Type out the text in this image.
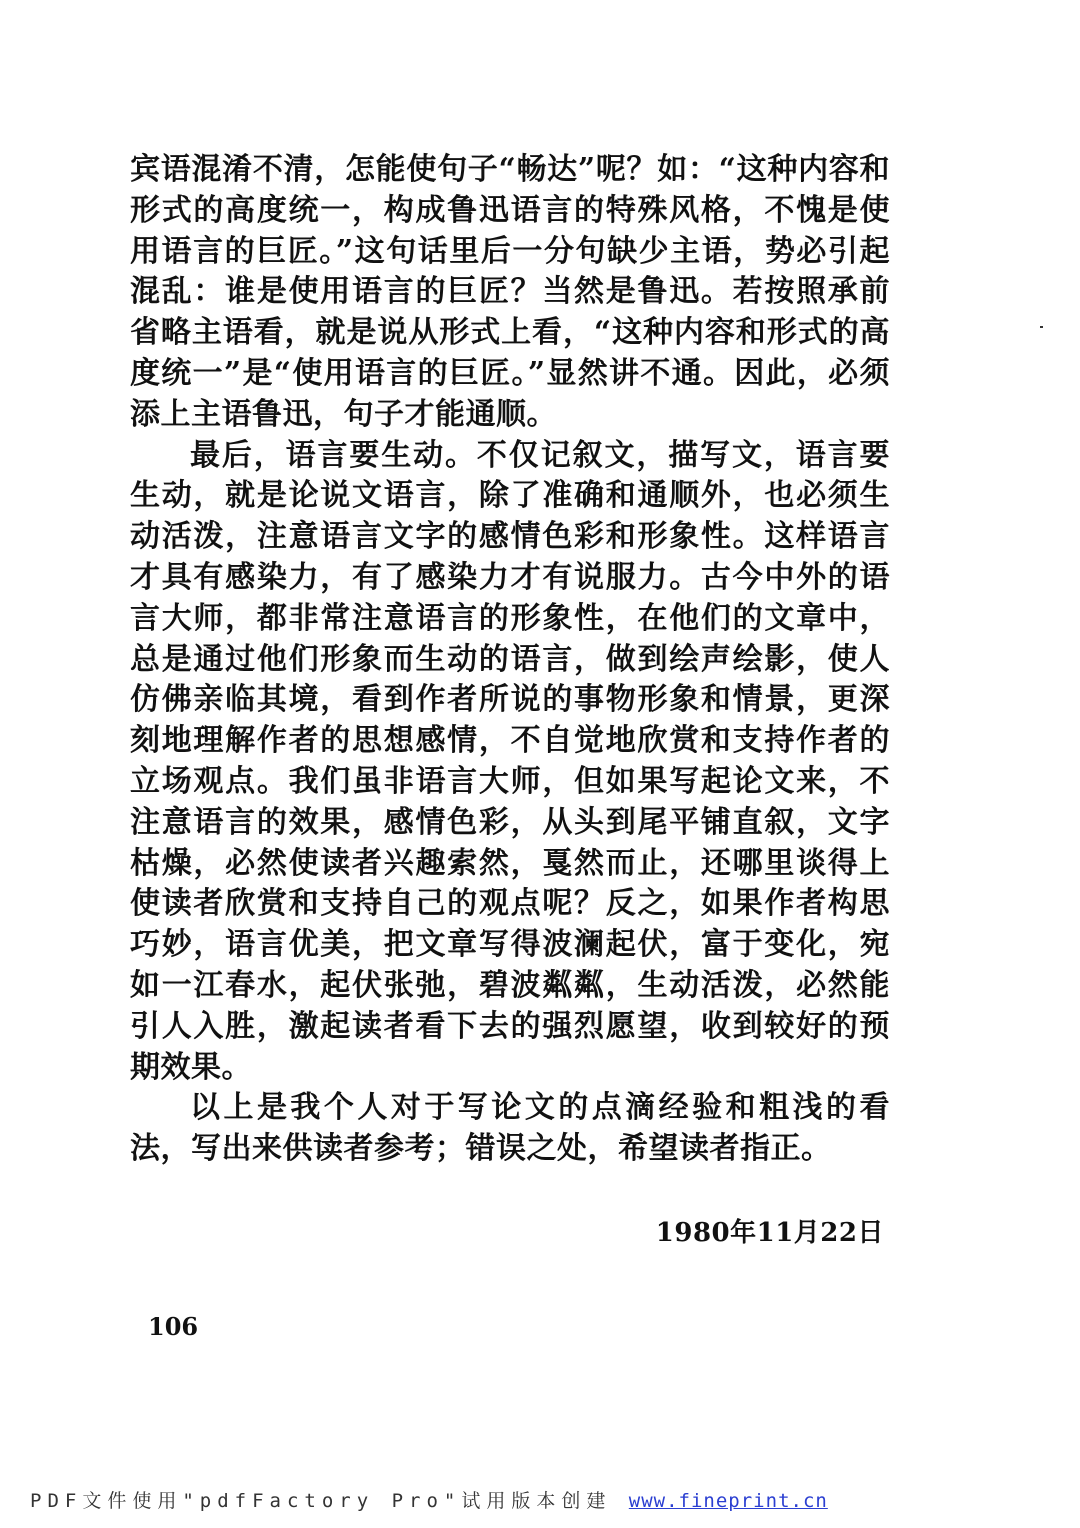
宾语混淆不清，怎能使句子“畅达”呢？如：“这种内容和形式的高度统一，构成鲁迅语言的特殊风格，不愧是使用语言的巨匠。”这句话里后一分句缺少主语，势必引起混乱：谁是使用语言的巨匠？当然是鲁迅。若按照承前省略主语看，就是说从形式上看，“这种内容和形式的高度统一”是“使用语言的巨匠。”显然讲不通。因此，必须添上主语鲁迅，句子才能通顺。

最后，语言要生动。不仅记叙文，描写文，语言要生动，就是论说文语言，除了准确和通顺外，也必须生动活泼，注意语言文字的感情色彩和形象性。这样语言才具有感染力，有了感染力才有说服力。古今中外的语言大师，都非常注意语言的形象性，在他们的文章中，总是通过他们形象而生动的语言，做到绘声绘影，使人仿佛亲临其境，看到作者所说的事物形象和情景，更深刻地理解作者的思想感情，不自觉地欣赏和支持作者的立场观点。我们虽非语言大师，但如果写起论文来，不注意语言的效果，感情色彩，从头到尾平铺直叙，文字枯燥，必然使读者兴趣索然，戛然而止，还哪里谈得上使读者欣赏和支持自己的观点呢？反之，如果作者构思巧妙，语言优美，把文章写得波澜起伏，富于变化，宛如一江春水，起伏张弛，碧波粼粼，生动活泼，必然能引人入胜，激起读者看下去的强烈愿望，收到较好的预期效果。

以上是我个人对于写论文的点滴经验和粗浅的看法，写出来供读者参考；错误之处，希望读者指正。

1980年11月22日
106
PDF文件使用"pdfFactory Pro"试用版本创建 www.fineprint.cn
